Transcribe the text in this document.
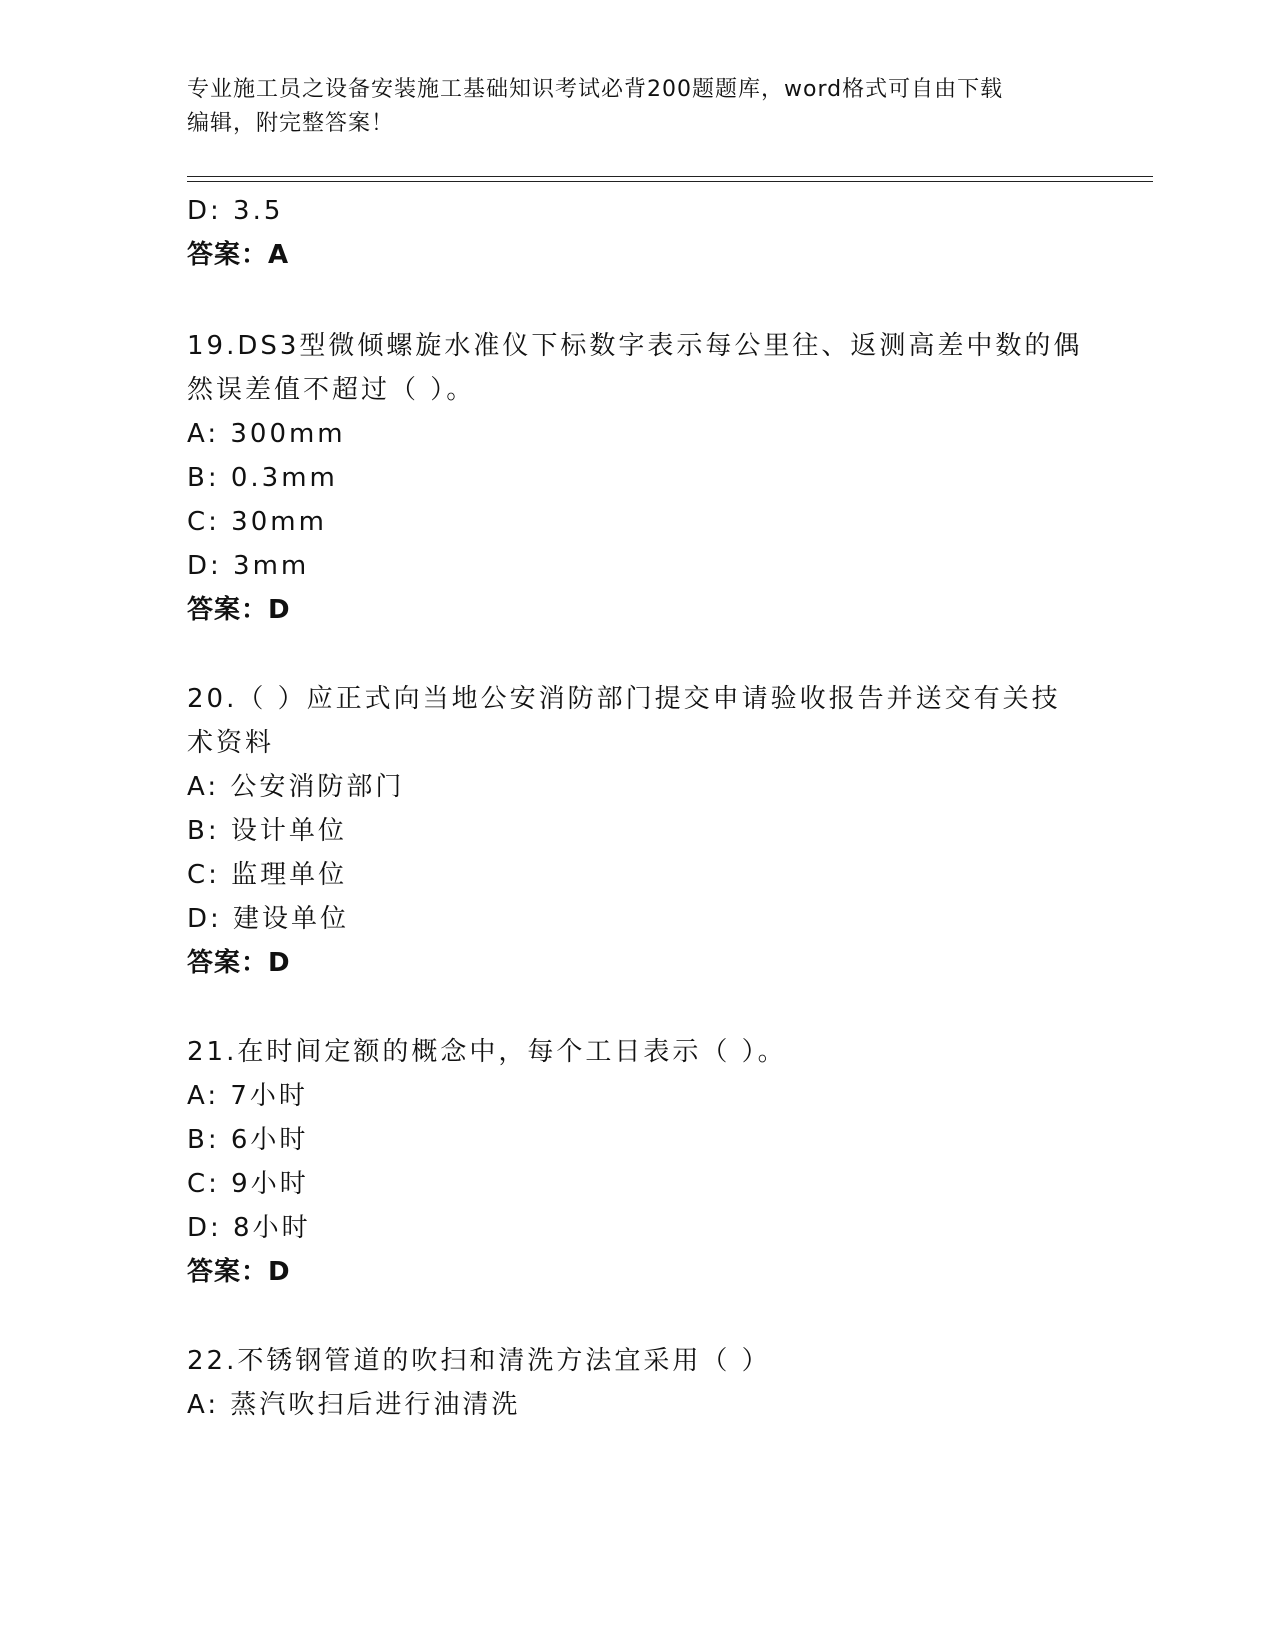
专业施工员之设备安装施工基础知识考试必背200题题库，word格式可自由下载
编辑，附完整答案！
D: 3.5
答案：A
19.DS3型微倾螺旋水准仪下标数字表示每公里往、返测高差中数的偶
然误差值不超过（ ）。
A: 300mm
B: 0.3mm
C: 30mm
D: 3mm
答案：D
20.（ ）应正式向当地公安消防部门提交申请验收报告并送交有关技
术资料
A: 公安消防部门
B: 设计单位
C: 监理单位
D: 建设单位
答案：D
21.在时间定额的概念中，每个工日表示（ ）。
A: 7小时
B: 6小时
C: 9小时
D: 8小时
答案：D
22.不锈钢管道的吹扫和清洗方法宜采用（ ）
A: 蒸汽吹扫后进行油清洗
